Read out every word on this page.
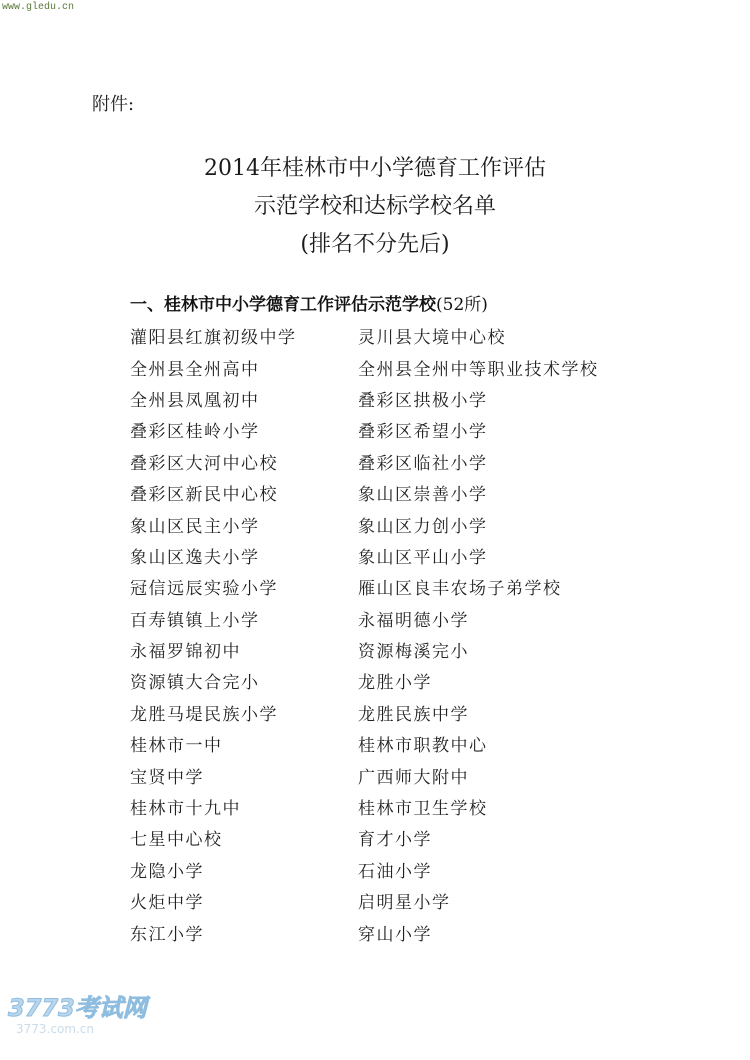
www.gledu.cn
附件:
2014年桂林市中小学德育工作评估
示范学校和达标学校名单
(排名不分先后)
一、桂林市中小学德育工作评估示范学校(52所)
灌阳县红旗初级中学	灵川县大境中心校
全州县全州高中	全州县全州中等职业技术学校
全州县凤凰初中	叠彩区拱极小学
叠彩区桂岭小学	叠彩区希望小学
叠彩区大河中心校	叠彩区临社小学
叠彩区新民中心校	象山区崇善小学
象山区民主小学	象山区力创小学
象山区逸夫小学	象山区平山小学
冠信远辰实验小学	雁山区良丰农场子弟学校
百寿镇镇上小学	永福明德小学
永福罗锦初中	资源梅溪完小
资源镇大合完小	龙胜小学
龙胜马堤民族小学	龙胜民族中学
桂林市一中	桂林市职教中心
宝贤中学	广西师大附中
桂林市十九中	桂林市卫生学校
七星中心校	育才小学
龙隐小学	石油小学
火炬中学	启明星小学
东江小学	穿山小学
3773考试网
3773.com.cn
